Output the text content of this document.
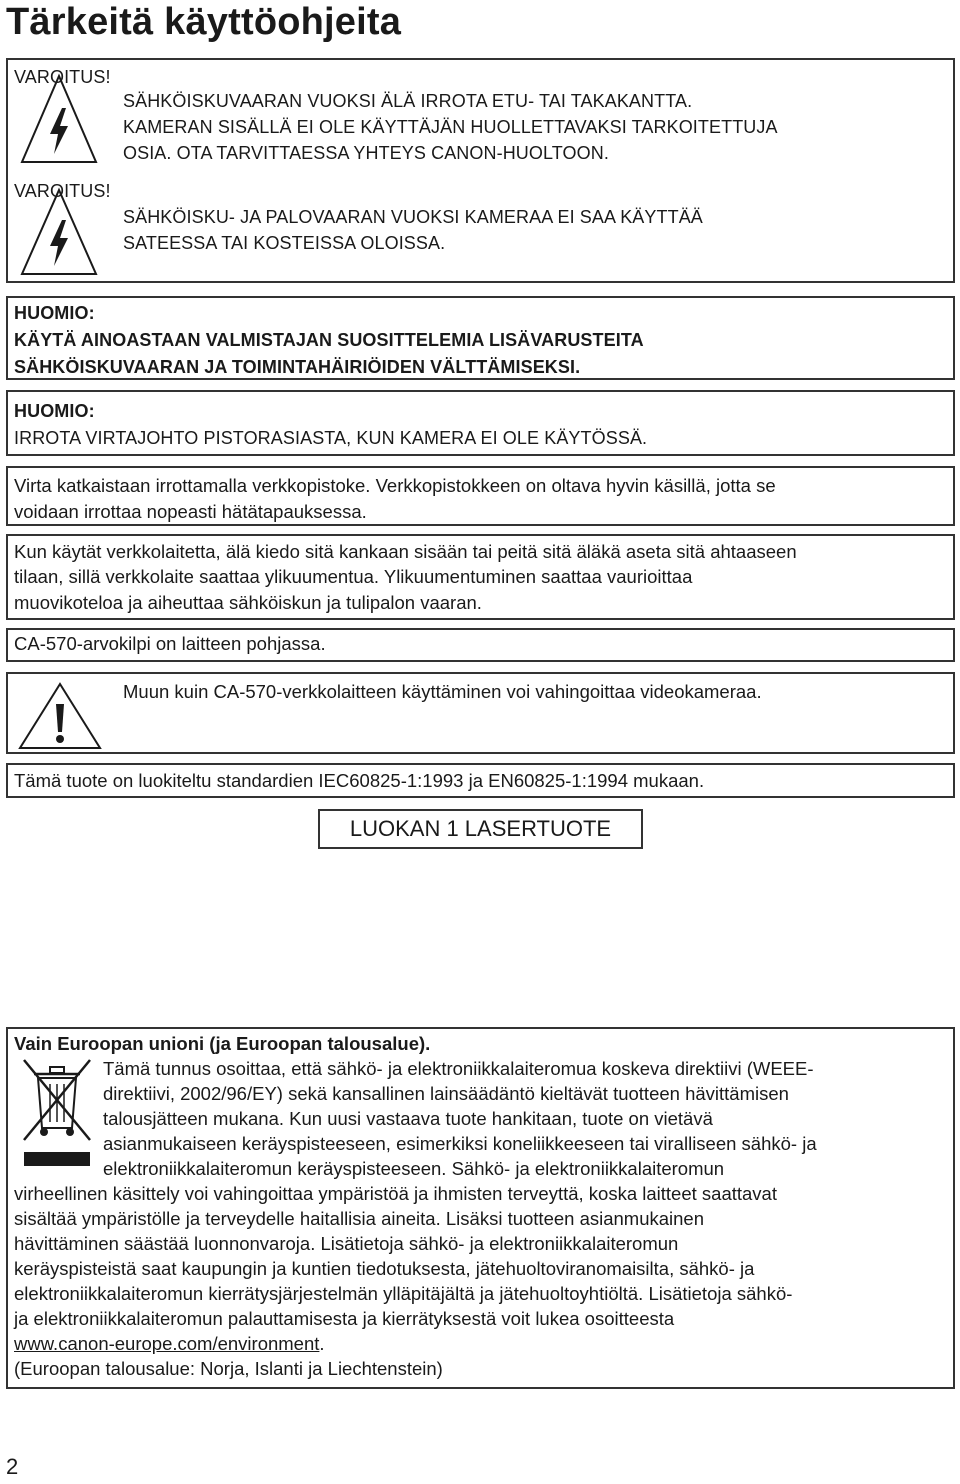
Tärkeitä käyttöohjeita
VAROITUS!
SÄHKÖISKUVAARAN VUOKSI ÄLÄ IRROTA ETU- TAI TAKAKANTTA.
KAMERAN SISÄLLÄ EI OLE KÄYTTÄJÄN HUOLLETTAVAKSI TARKOITETTUJA
OSIA. OTA TARVITTAESSA YHTEYS CANON-HUOLTOON.
VAROITUS!
SÄHKÖISKU- JA PALOVAARAN VUOKSI KAMERAA EI SAA KÄYTTÄÄ
SATEESSA TAI KOSTEISSA OLOISSA.
HUOMIO:
KÄYTÄ AINOASTAAN VALMISTAJAN SUOSITTELEMIA LISÄVARUSTEITA
SÄHKÖISKUVAARAN JA TOIMINTAHÄIRIÖIDEN VÄLTTÄMISEKSI.
HUOMIO:
IRROTA VIRTAJOHTO PISTORASIASTA, KUN KAMERA EI OLE KÄYTÖSSÄ.
Virta katkaistaan irrottamalla verkkopistoke. Verkkopistokkeen on oltava hyvin käsillä, jotta se
voidaan irrottaa nopeasti hätätapauksessa.
Kun käytät verkkolaitetta, älä kiedo sitä kankaan sisään tai peitä sitä äläkä aseta sitä ahtaaseen
tilaan, sillä verkkolaite saattaa ylikuumentua. Ylikuumentuminen saattaa vaurioittaa
muovikoteloa ja aiheuttaa sähköiskun ja tulipalon vaaran.
CA-570-arvokilpi on laitteen pohjassa.
Muun kuin CA-570-verkkolaitteen käyttäminen voi vahingoittaa videokameraa.
Tämä tuote on luokiteltu standardien IEC60825-1:1993 ja EN60825-1:1994 mukaan.
LUOKAN 1 LASERTUOTE
Vain Euroopan unioni (ja Euroopan talousalue).
Tämä tunnus osoittaa, että sähkö- ja elektroniikkalaiteromua koskeva direktiivi (WEEE-
direktiivi, 2002/96/EY) sekä kansallinen lainsäädäntö kieltävät tuotteen hävittämisen
talousjätteen mukana. Kun uusi vastaava tuote hankitaan, tuote on vietävä
asianmukaiseen keräyspisteeseen, esimerkiksi koneliikkeeseen tai viralliseen sähkö- ja
elektroniikkalaiteromun keräyspisteeseen. Sähkö- ja elektroniikkalaiteromun
virheellinen käsittely voi vahingoittaa ympäristöä ja ihmisten terveyttä, koska laitteet saattavat
sisältää ympäristölle ja terveydelle haitallisia aineita. Lisäksi tuotteen asianmukainen
hävittäminen säästää luonnonvaroja. Lisätietoja sähkö- ja elektroniikkalaiteromun
keräyspisteistä saat kaupungin ja kuntien tiedotuksesta, jätehuoltoviranomaisilta, sähkö- ja
elektroniikkalaiteromun kierrätysjärjestelmän ylläpitäjältä ja jätehuoltoyhtiöltä. Lisätietoja sähkö-
ja elektroniikkalaiteromun palauttamisesta ja kierrätyksestä voit lukea osoitteesta
www.canon-europe.com/environment.
(Euroopan talousalue: Norja, Islanti ja Liechtenstein)
2
